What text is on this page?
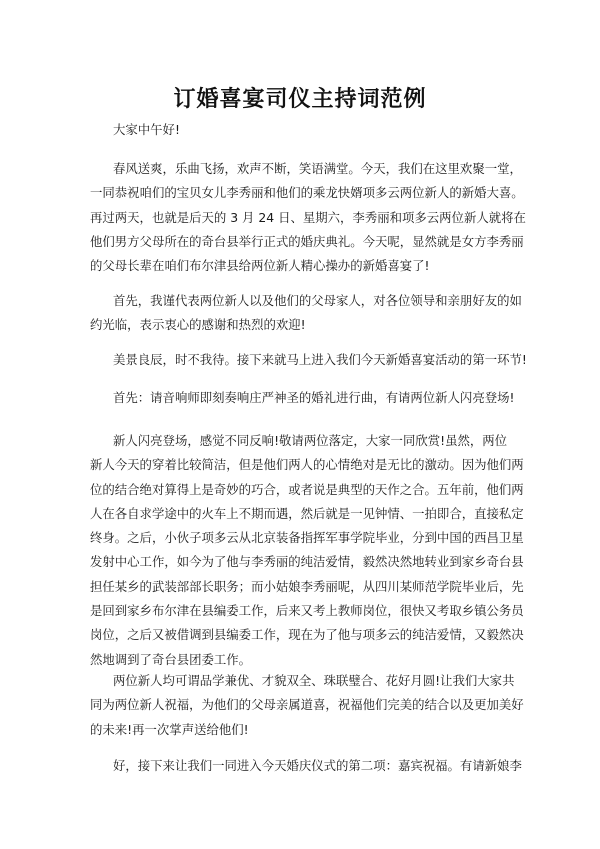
订婚喜宴司仪主持词范例

大家中午好!

春风送爽，乐曲飞扬，欢声不断，笑语满堂。今天，我们在这里欢聚一堂，
一同恭祝咱们的宝贝女儿李秀丽和他们的乘龙快婿项多云两位新人的新婚大喜。
再过两天，也就是后天的 3 月 24 日、星期六，李秀丽和项多云两位新人就将在
他们男方父母所在的奇台县举行正式的婚庆典礼。今天呢，显然就是女方李秀丽
的父母长辈在咱们布尔津县给两位新人精心操办的新婚喜宴了!

首先，我谨代表两位新人以及他们的父母家人，对各位领导和亲朋好友的如
约光临，表示衷心的感谢和热烈的欢迎!

美景良辰，时不我待。接下来就马上进入我们今天新婚喜宴活动的第一环节!

首先：请音响师即刻奏响庄严神圣的婚礼进行曲，有请两位新人闪亮登场!

新人闪亮登场，感觉不同反响!敬请两位落定，大家一同欣赏!虽然，两位
新人今天的穿着比较简洁，但是他们两人的心情绝对是无比的激动。因为他们两
位的结合绝对算得上是奇妙的巧合，或者说是典型的天作之合。五年前，他们两
人在各自求学途中的火车上不期而遇，然后就是一见钟情、一拍即合，直接私定
终身。之后，小伙子项多云从北京装备指挥军事学院毕业，分到中国的西昌卫星
发射中心工作，如今为了他与李秀丽的纯洁爱情，毅然决然地转业到家乡奇台县
担任某乡的武装部部长职务；而小姑娘李秀丽呢，从四川某师范学院毕业后，先
是回到家乡布尔津在县编委工作，后来又考上教师岗位，很快又考取乡镇公务员
岗位，之后又被借调到县编委工作，现在为了他与项多云的纯洁爱情，又毅然决
然地调到了奇台县团委工作。

两位新人均可谓品学兼优、才貌双全、珠联璧合、花好月圆!让我们大家共
同为两位新人祝福，为他们的父母亲属道喜，祝福他们完美的结合以及更加美好
的未来!再一次掌声送给他们!

好，接下来让我们一同进入今天婚庆仪式的第二项：嘉宾祝福。有请新娘李
